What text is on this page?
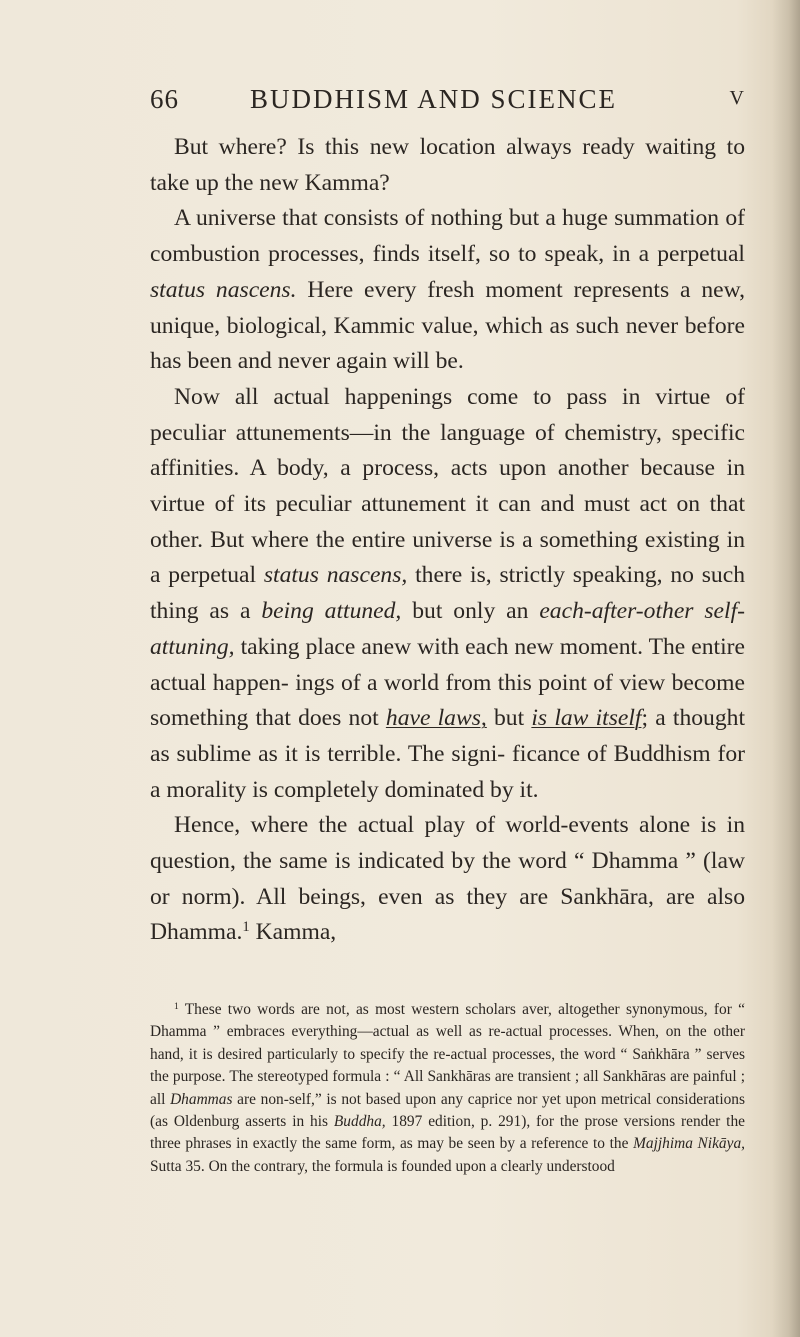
66	BUDDHISM AND SCIENCE	V

But where? Is this new location always ready waiting to take up the new Kamma?

A universe that consists of nothing but a huge summation of combustion processes, finds itself, so to speak, in a perpetual status nascens. Here every fresh moment represents a new, unique, biological, Kammic value, which as such never before has been and never again will be.

Now all actual happenings come to pass in virtue of peculiar attunements—in the language of chemistry, specific affinities. A body, a process, acts upon another because in virtue of its peculiar attunement it can and must act on that other. But where the entire universe is a something existing in a perpetual status nascens, there is, strictly speaking, no such thing as a being attuned, but only an each-after-other self-attuning, taking place anew with each new moment. The entire actual happen- ings of a world from this point of view become something that does not have laws, but is law itself; a thought as sublime as it is terrible. The signi- ficance of Buddhism for a morality is completely dominated by it.

Hence, where the actual play of world-events alone is in question, the same is indicated by the word “ Dhamma ” (law or norm). All beings, even as they are Sankhāra, are also Dhamma.$^1$ Kamma,

$^1$ These two words are not, as most western scholars aver, altogether synonymous, for “ Dhamma ” embraces everything—actual as well as re-actual processes. When, on the other hand, it is desired particularly to specify the re-actual processes, the word “ Saṅkhāra ” serves the purpose. The stereotyped formula : “ All Sankhāras are transient ; all Sankhāras are painful ; all Dhammas are non-self,” is not based upon any caprice nor yet upon metrical considerations (as Oldenburg asserts in his Buddha, 1897 edition, p. 291), for the prose versions render the three phrases in exactly the same form, as may be seen by a reference to the Majjhima Nikāya, Sutta 35. On the contrary, the formula is founded upon a clearly understood
